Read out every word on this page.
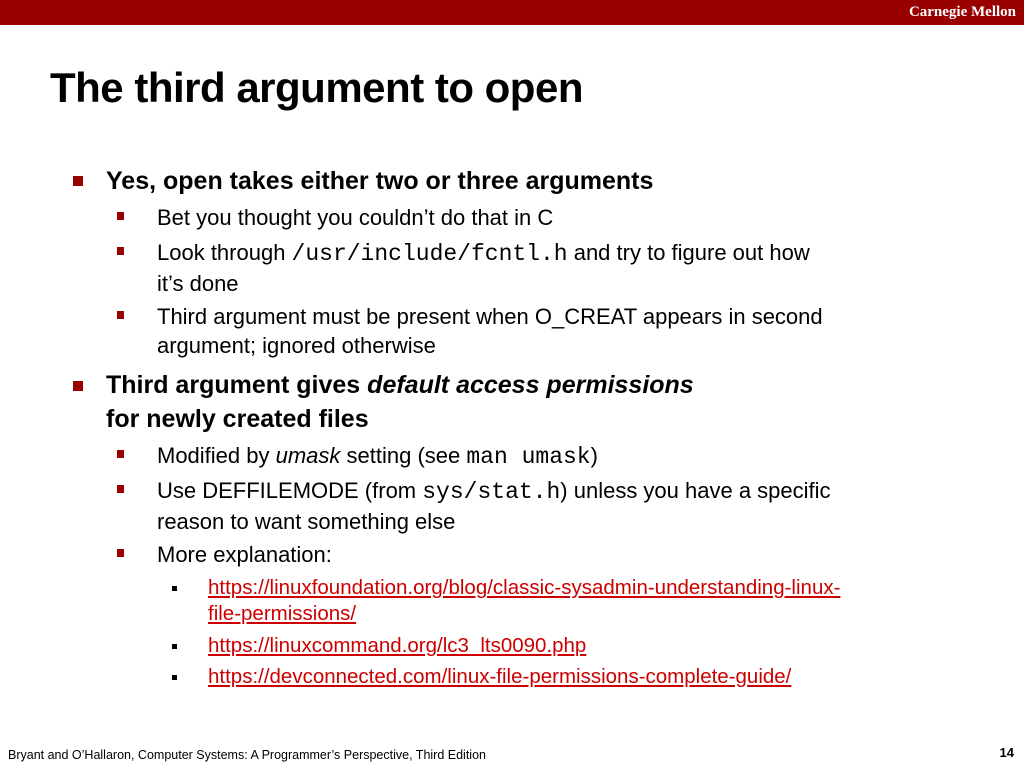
Carnegie Mellon
The third argument to open
Yes, open takes either two or three arguments
Bet you thought you couldn’t do that in C
Look through /usr/include/fcntl.h and try to figure out how
it’s done
Third argument must be present when O_CREAT appears in second
argument; ignored otherwise
Third argument gives default access permissions
for newly created files
Modified by umask setting (see man umask)
Use DEFFILEMODE (from sys/stat.h) unless you have a specific
reason to want something else
More explanation:
https://linuxfoundation.org/blog/classic-sysadmin-understanding-linux-
file-permissions/
https://linuxcommand.org/lc3_lts0090.php
https://devconnected.com/linux-file-permissions-complete-guide/
Bryant and O’Hallaron, Computer Systems: A Programmer’s Perspective, Third Edition	14
